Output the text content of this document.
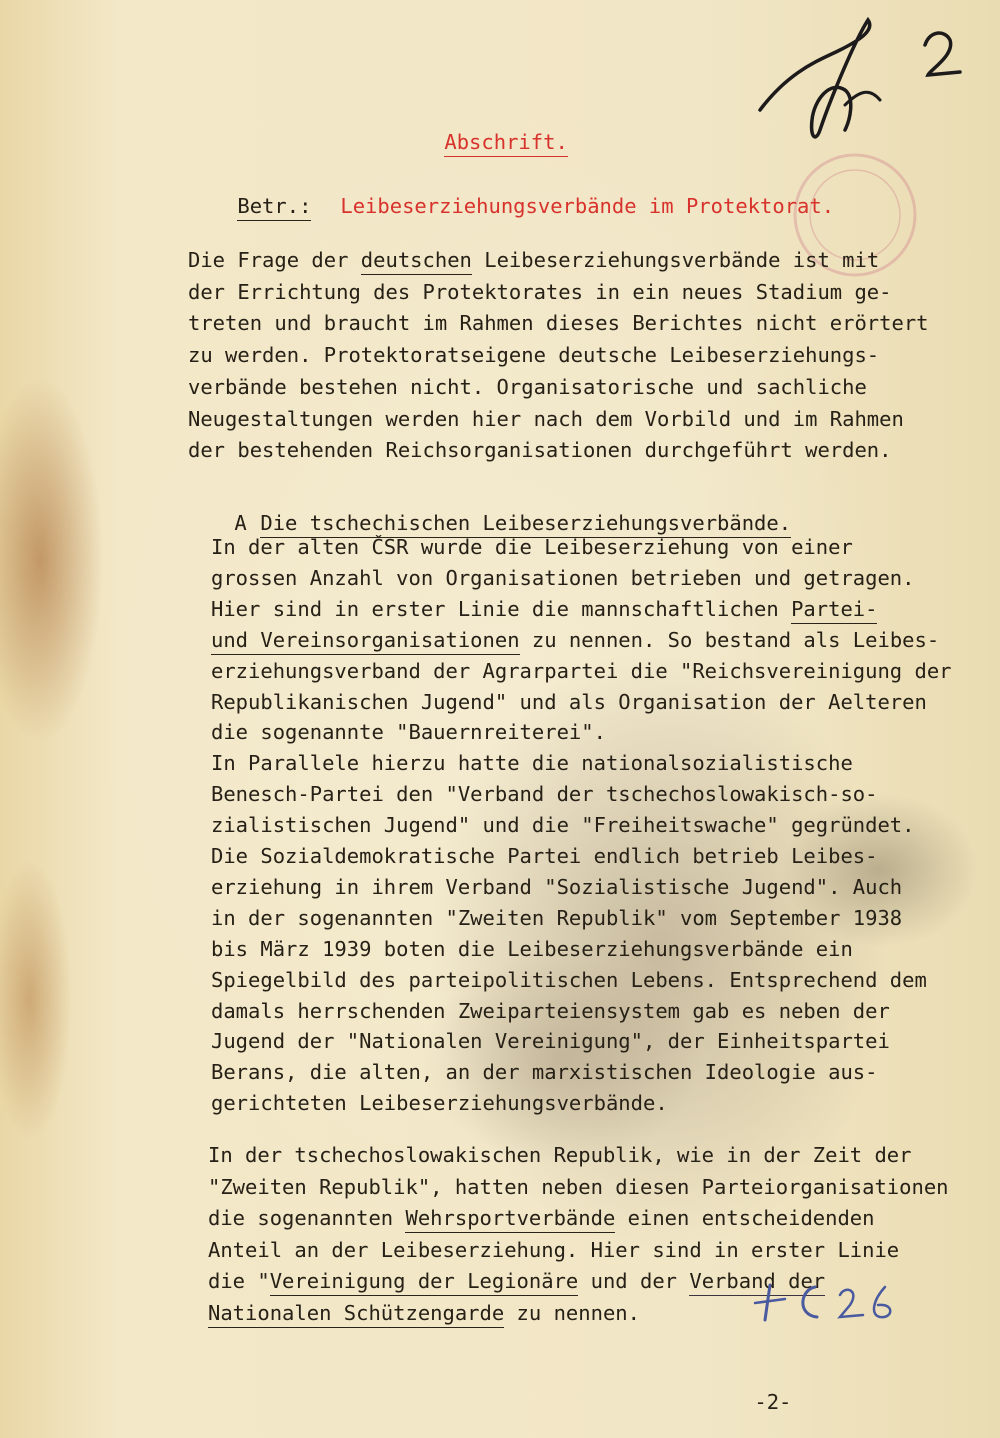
Abschrift.

Betr.:
	Leibeserziehungsverbände im Protektorat.

Die Frage der deutschen Leibeserziehungsverbände ist mit
der Errichtung des Protektorates in ein neues Stadium ge-
treten und braucht im Rahmen dieses Berichtes nicht erörtert
zu werden. Protektoratseigene deutsche Leibeserziehungs-
verbände bestehen nicht. Organisatorische und sachliche
Neugestaltungen werden hier nach dem Vorbild und im Rahmen
der bestehenden Reichsorganisationen durchgeführt werden.

A
Die tschechischen Leibeserziehungsverbände.

In der alten ČSR wurde die Leibeserziehung von einer
grossen Anzahl von Organisationen betrieben und getragen.
Hier sind in erster Linie die mannschaftlichen Partei-
und Vereinsorganisationen zu nennen. So bestand als Leibes-
erziehungsverband der Agrarpartei die "Reichsvereinigung der
Republikanischen Jugend" und als Organisation der Aelteren
die sogenannte "Bauernreiterei".
In Parallele hierzu hatte die nationalsozialistische
Benesch-Partei den "Verband der tschechoslowakisch-so-
zialistischen Jugend" und die "Freiheitswache" gegründet.
Die Sozialdemokratische Partei endlich betrieb Leibes-
erziehung in ihrem Verband "Sozialistische Jugend". Auch
in der sogenannten "Zweiten Republik" vom September 1938
bis März 1939 boten die Leibeserziehungsverbände ein
Spiegelbild des parteipolitischen Lebens. Entsprechend dem
damals herrschenden Zweiparteiensystem gab es neben der
Jugend der "Nationalen Vereinigung", der Einheitspartei
Berans, die alten, an der marxistischen Ideologie aus-
gerichteten Leibeserziehungsverbände.
In der tschechoslowakischen Republik, wie in der Zeit der
"Zweiten Republik", hatten neben diesen Parteiorganisationen
die sogenannten Wehrsportverbände einen entscheidenden
Anteil an der Leibeserziehung. Hier sind in erster Linie
die "Vereinigung der Legionäre und der Verband der
Nationalen Schützengarde zu nennen.

-2-
